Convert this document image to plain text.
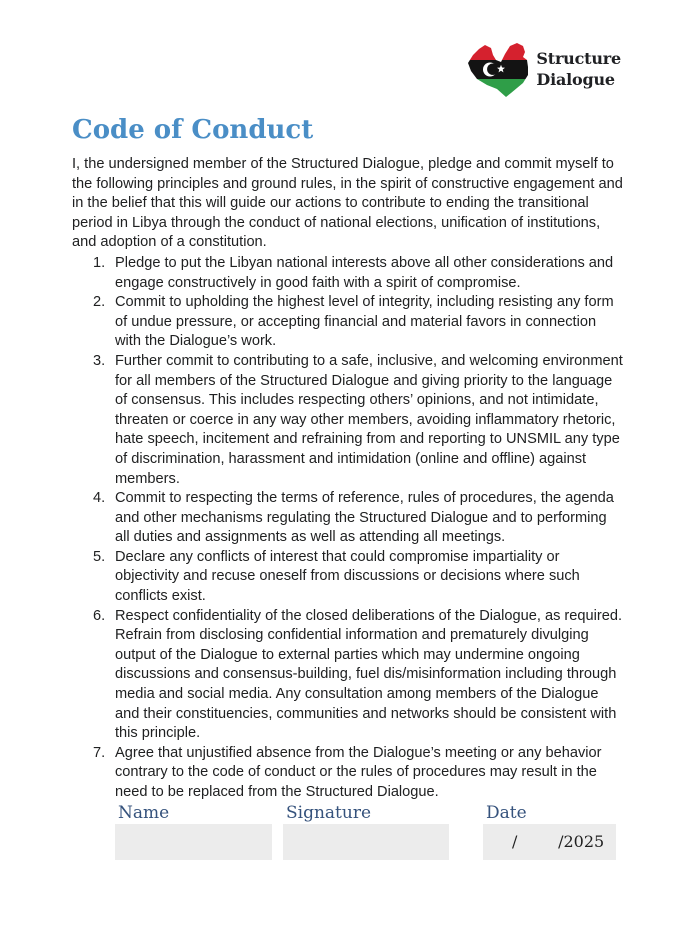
Structure
Dialogue
Code of Conduct

I, the undersigned member of the Structured Dialogue, pledge and commit myself to the following principles and ground rules, in the spirit of constructive engagement and in the belief that this will guide our actions to contribute to ending the transitional period in Libya through the conduct of national elections, unification of institutions, and adoption of a constitution.

Pledge to put the Libyan national interests above all other considerations and engage constructively in good faith with a spirit of compromise.
Commit to upholding the highest level of integrity, including resisting any form of undue pressure, or accepting financial and material favors in connection with the Dialogue’s work.
Further commit to contributing to a safe, inclusive, and welcoming environment for all members of the Structured Dialogue and giving priority to the language of consensus. This includes respecting others’ opinions, and not intimidate, threaten or coerce in any way other members, avoiding inflammatory rhetoric, hate speech, incitement and refraining from and reporting to UNSMIL any type of discrimination, harassment and intimidation (online and offline) against members.
Commit to respecting the terms of reference, rules of procedures, the agenda and other mechanisms regulating the Structured Dialogue and to performing all duties and assignments as well as attending all meetings.
Declare any conflicts of interest that could compromise impartiality or objectivity and recuse oneself from discussions or decisions where such conflicts exist.
Respect confidentiality of the closed deliberations of the Dialogue, as required. Refrain from disclosing confidential information and prematurely divulging output of the Dialogue to external parties which may undermine ongoing discussions and consensus-building, fuel dis/misinformation including through media and social media. Any consultation among members of the Dialogue and their constituencies, communities and networks should be consistent with this principle.
Agree that unjustified absence from the Dialogue’s meeting or any behavior contrary to the code of conduct or the rules of procedures may result in the need to be replaced from the Structured Dialogue.
Name	Signature	Date
/        /2025
